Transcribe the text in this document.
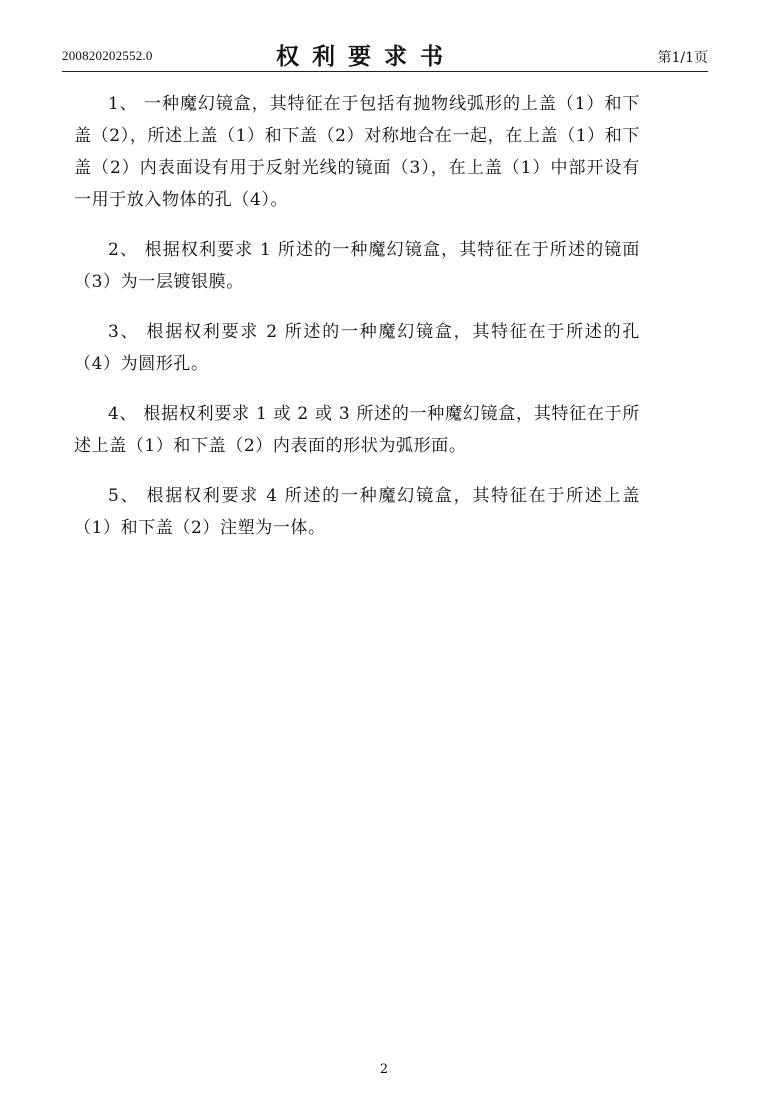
200820202552.0	权利要求书	第1/1页
1、 一种魔幻镜盒，其特征在于包括有抛物线弧形的上盖（1）和下盖（2），所述上盖（1）和下盖（2）对称地合在一起，在上盖（1）和下盖（2）内表面设有用于反射光线的镜面（3），在上盖（1）中部开设有一用于放入物体的孔（4）。
2、 根据权利要求 1 所述的一种魔幻镜盒，其特征在于所述的镜面（3）为一层镀银膜。
3、 根据权利要求 2 所述的一种魔幻镜盒，其特征在于所述的孔（4）为圆形孔。
4、 根据权利要求 1 或 2 或 3 所述的一种魔幻镜盒，其特征在于所述上盖（1）和下盖（2）内表面的形状为弧形面。
5、 根据权利要求 4 所述的一种魔幻镜盒，其特征在于所述上盖（1）和下盖（2）注塑为一体。
2
